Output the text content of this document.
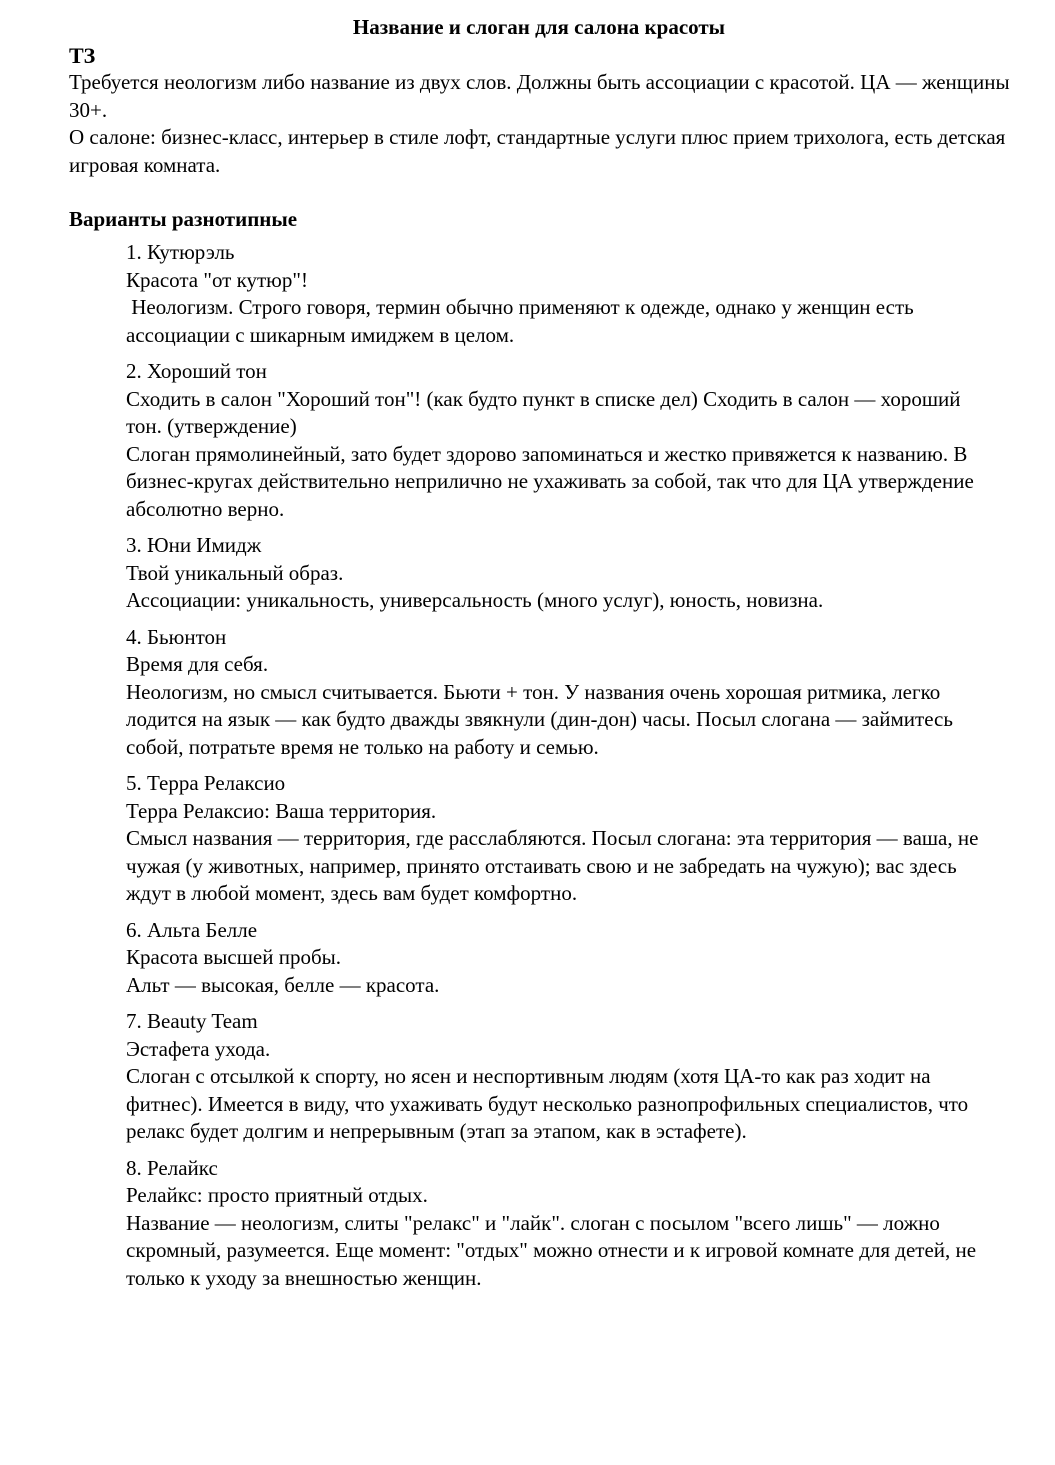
Название и слоган для салона красоты
ТЗ

Требуется неологизм либо название из двух слов. Должны быть ассоциации с красотой. ЦА — женщины 30+.

О салоне: бизнес-класс, интерьер в стиле лофт, стандартные услуги плюс прием трихолога, есть детская игровая комната.

Варианты разнотипные
1. Кутюрэль
Красота "от кутюр"!
Неологизм. Строго говоря, термин обычно применяют к одежде, однако у женщин есть ассоциации с шикарным имиджем в целом.
2. Хороший тон
Сходить в салон "Хороший тон"! (как будто пункт в списке дел) Сходить в салон — хороший тон. (утверждение)
Слоган прямолинейный, зато будет здорово запоминаться и жестко привяжется к названию. В бизнес-кругах действительно неприлично не ухаживать за собой, так что для ЦА утверждение абсолютно верно.
3. Юни Имидж
Твой уникальный образ.
Ассоциации: уникальность, универсальность (много услуг), юность, новизна.
4. Бьюнтон
Время для себя.
Неологизм, но смысл считывается. Бьюти + тон. У названия очень хорошая ритмика, легко лодится на язык — как будто дважды звякнули (дин-дон) часы. Посыл слогана — займитесь собой, потратьте время не только на работу и семью.
5. Терра Релаксио
Терра Релаксио: Ваша территория.
Смысл названия — территория, где расслабляются. Посыл слогана: эта территория — ваша, не чужая (у животных, например, принято отстаивать свою и не забредать на чужую); вас здесь ждут в любой момент, здесь вам будет комфортно.
6. Альта Белле
Красота высшей пробы.
Альт — высокая, белле — красота.
7. Beauty Team
Эстафета ухода.
Слоган с отсылкой к спорту, но ясен и неспортивным людям (хотя ЦА-то как раз ходит на фитнес). Имеется в виду, что ухаживать будут несколько разнопрофильных специалистов, что релакс будет долгим и непрерывным (этап за этапом, как в эстафете).
8. Релайкс
Релайкс: просто приятный отдых.
Название — неологизм, слиты "релакс" и "лайк". слоган с посылом "всего лишь" — ложно скромный, разумеется. Еще момент: "отдых" можно отнести и к игровой комнате для детей, не только к уходу за внешностью женщин.
